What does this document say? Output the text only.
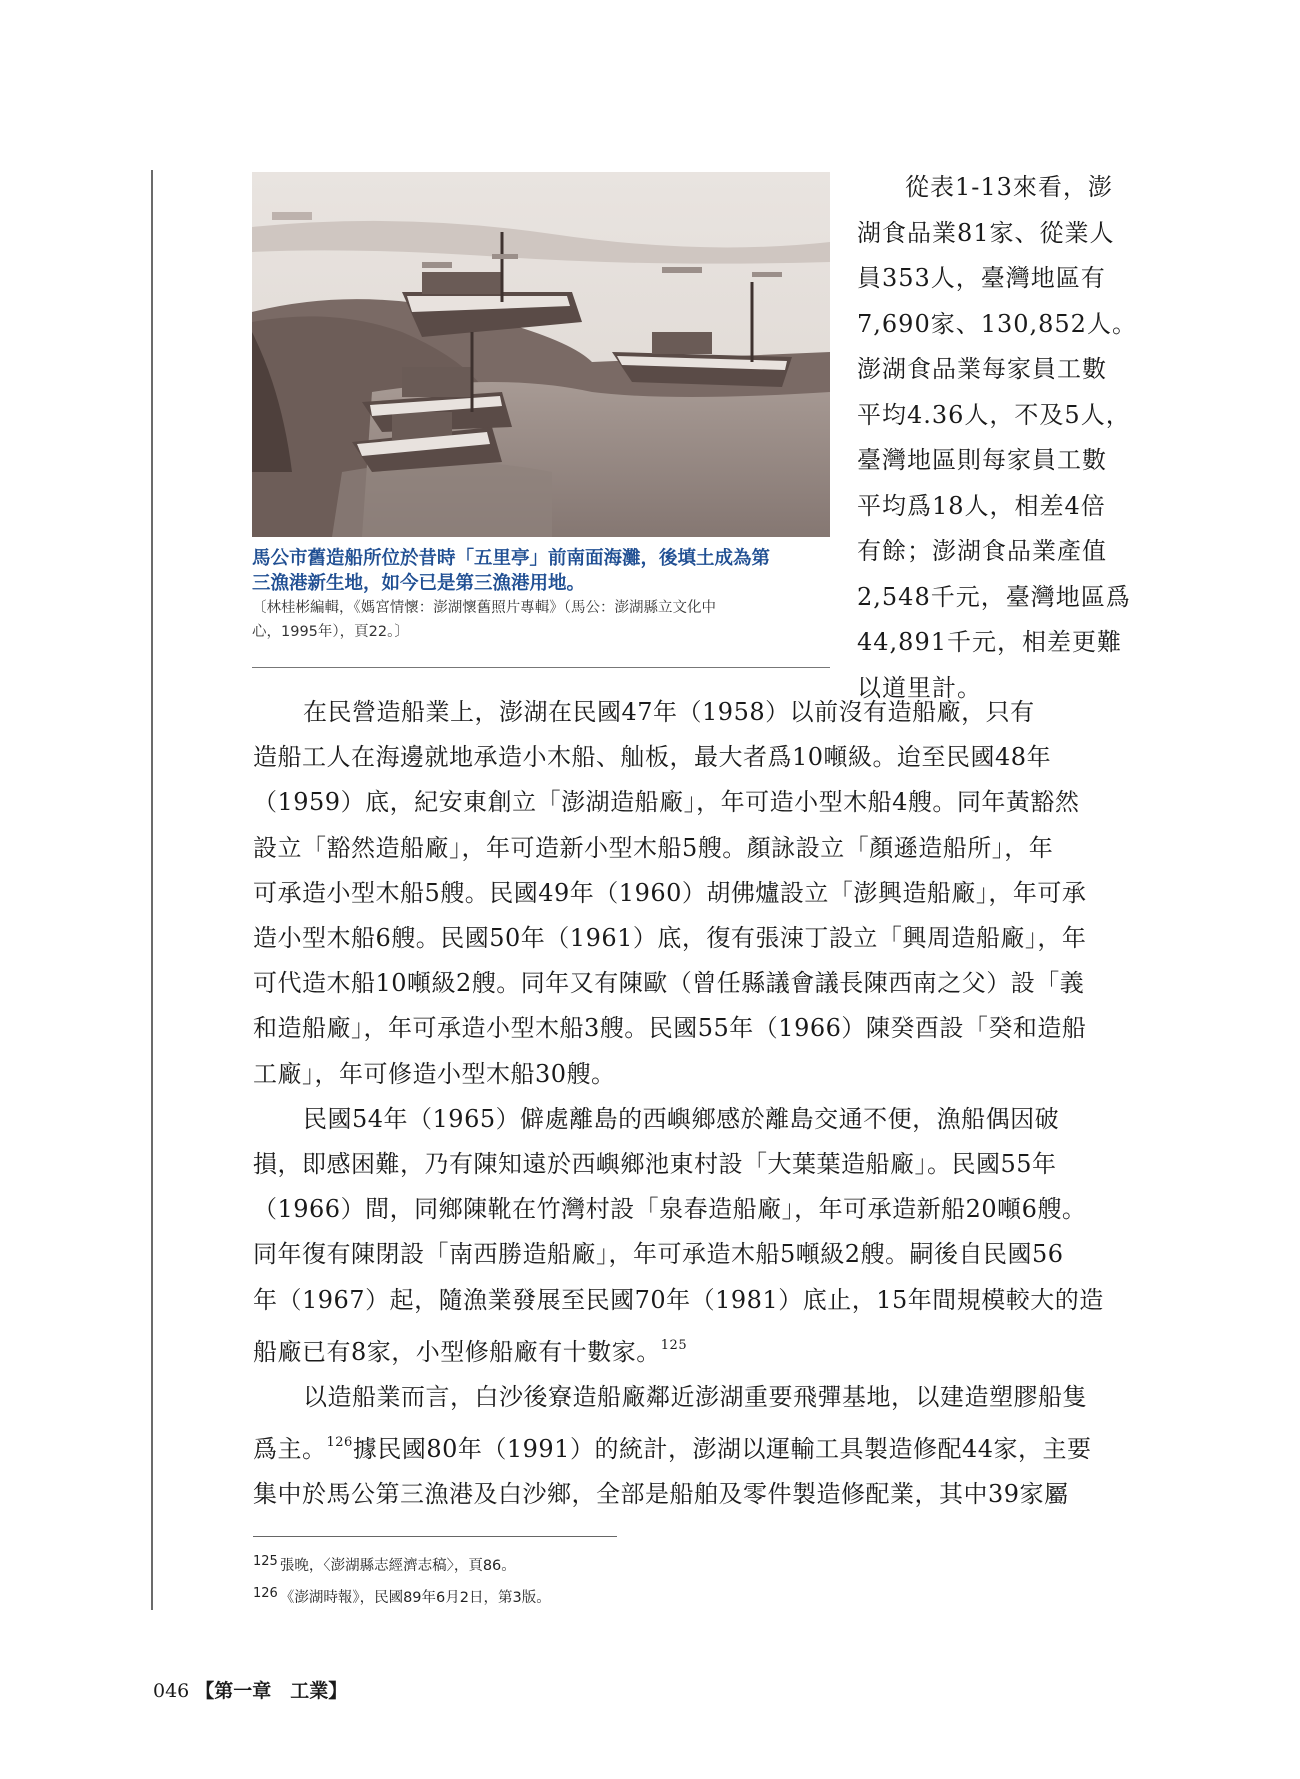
馬公市舊造船所位於昔時「五里亭」前南面海灘，後填土成為第
三漁港新生地，如今已是第三漁港用地。
〔林桂彬編輯，《媽宮情懷：澎湖懷舊照片專輯》（馬公：澎湖縣立文化中
心，1995年），頁22。〕
從表1-13來看，澎
湖食品業81家、從業人
員353人，臺灣地區有
7,690家、130,852人。
澎湖食品業每家員工數
平均4.36人，不及5人，
臺灣地區則每家員工數
平均爲18人，相差4倍
有餘；澎湖食品業產值
2,548千元，臺灣地區爲
44,891千元，相差更難
以道里計。
在民營造船業上，澎湖在民國47年（1958）以前沒有造船廠，只有
造船工人在海邊就地承造小木船、舢板，最大者爲10噸級。迨至民國48年
（1959）底，紀安東創立「澎湖造船廠」，年可造小型木船4艘。同年黃豁然
設立「豁然造船廠」，年可造新小型木船5艘。顏詠設立「顏遜造船所」，年
可承造小型木船5艘。民國49年（1960）胡佛爐設立「澎興造船廠」，年可承
造小型木船6艘。民國50年（1961）底，復有張涑丁設立「興周造船廠」，年
可代造木船10噸級2艘。同年又有陳歐（曾任縣議會議長陳西南之父）設「義
和造船廠」，年可承造小型木船3艘。民國55年（1966）陳癸酉設「癸和造船
工廠」，年可修造小型木船30艘。
民國54年（1965）僻處離島的西嶼鄉感於離島交通不便，漁船偶因破
損，即感困難，乃有陳知遠於西嶼鄉池東村設「大葉葉造船廠」。民國55年
（1966）間，同鄉陳靴在竹灣村設「泉春造船廠」，年可承造新船20噸6艘。
同年復有陳閉設「南西勝造船廠」，年可承造木船5噸級2艘。嗣後自民國56
年（1967）起，隨漁業發展至民國70年（1981）底止，15年間規模較大的造
船廠已有8家，小型修船廠有十數家。$^{125}$
以造船業而言，白沙後寮造船廠鄰近澎湖重要飛彈基地，以建造塑膠船隻
爲主。$^{126}$據民國80年（1991）的統計，澎湖以運輸工具製造修配44家，主要
集中於馬公第三漁港及白沙鄉，全部是船舶及零件製造修配業，其中39家屬
125 張晚，〈澎湖縣志經濟志稿〉，頁86。
126 《澎湖時報》，民國89年6月2日，第3版。
046 【第一章　工業】
